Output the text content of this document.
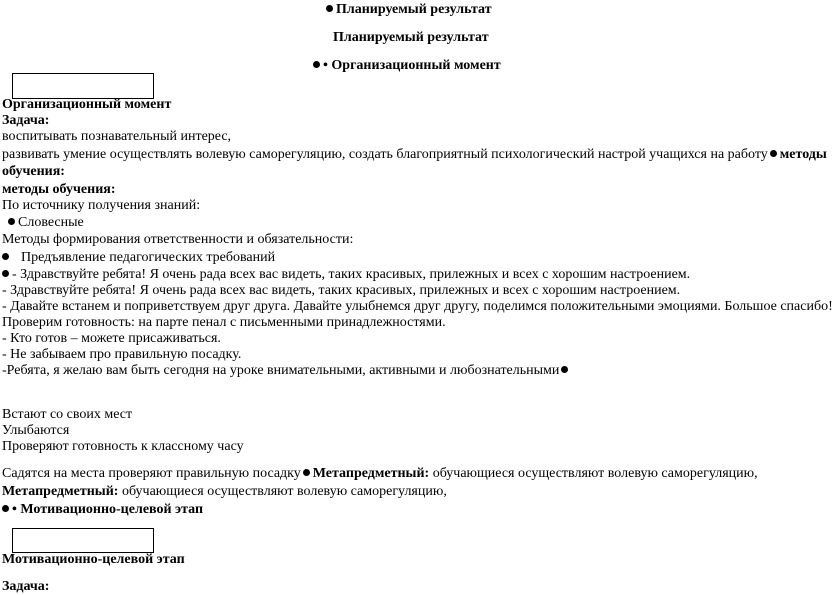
Планируемый результат
Планируемый результат
• Организационный момент
Организационный момент
Задача:
воспитывать познавательный интерес,
развивать умение осуществлять волевую саморегуляцию, создать благоприятный психологический настрой учащихся на работу методы
обучения:
методы обучения:
По источнику получения знаний:
Словесные
Методы формирования ответственности и обязательности:
Предъявление педагогических требований
- Здравствуйте ребята! Я очень рада всех вас видеть, таких красивых, прилежных и всех с хорошим настроением.
- Здравствуйте ребята! Я очень рада всех вас видеть, таких красивых, прилежных и всех с хорошим настроением.
- Давайте встанем и поприветствуем друг друга. Давайте улыбнемся друг другу, поделимся положительными эмоциями. Большое спасибо!
Проверим готовность: на парте пенал с письменными принадлежностями.
- Кто готов – можете присаживаться.
- Не забываем про правильную посадку.
-Ребята, я желаю вам быть сегодня на уроке внимательными, активными и любознательными
Встают со своих мест
Улыбаются
Проверяют готовность к классному часу
Садятся на места проверяют правильную посадку Метапредметный: обучающиеся осуществляют волевую саморегуляцию,
Метапредметный: обучающиеся осуществляют волевую саморегуляцию,
• Мотивационно-целевой этап
Мотивационно-целевой этап
Задача:
